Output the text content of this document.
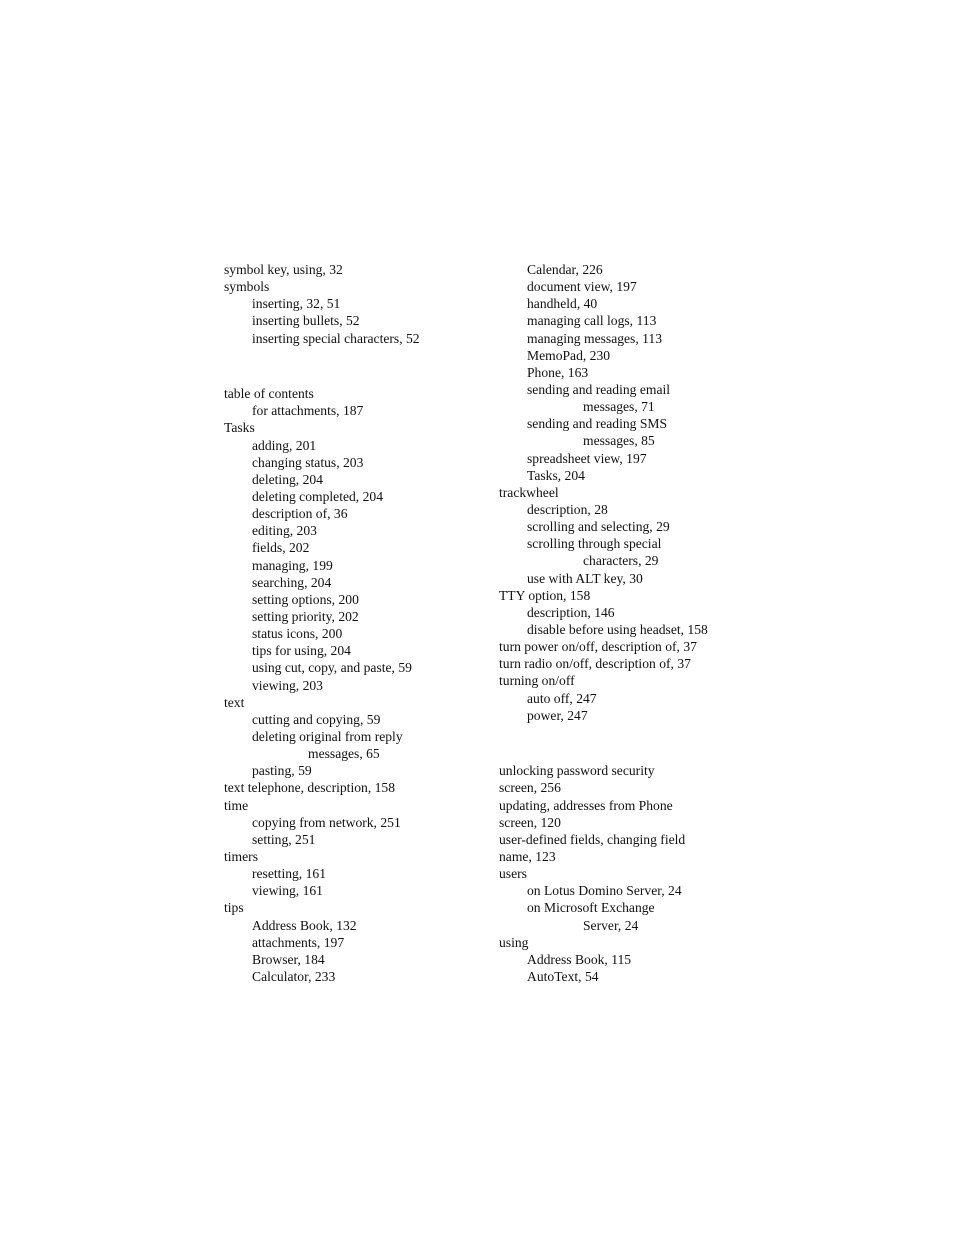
symbol key, using, 32
symbols
inserting, 32, 51
inserting bullets, 52
inserting special characters, 52
table of contents
for attachments, 187
Tasks
adding, 201
changing status, 203
deleting, 204
deleting completed, 204
description of, 36
editing, 203
fields, 202
managing, 199
searching, 204
setting options, 200
setting priority, 202
status icons, 200
tips for using, 204
using cut, copy, and paste, 59
viewing, 203
text
cutting and copying, 59
deleting original from reply
messages, 65
pasting, 59
text telephone, description, 158
time
copying from network, 251
setting, 251
timers
resetting, 161
viewing, 161
tips
Address Book, 132
attachments, 197
Browser, 184
Calculator, 233
Calendar, 226
document view, 197
handheld, 40
managing call logs, 113
managing messages, 113
MemoPad, 230
Phone, 163
sending and reading email
messages, 71
sending and reading SMS
messages, 85
spreadsheet view, 197
Tasks, 204
trackwheel
description, 28
scrolling and selecting, 29
scrolling through special
characters, 29
use with ALT key, 30
TTY option, 158
description, 146
disable before using headset, 158
turn power on/off, description of, 37
turn radio on/off, description of, 37
turning on/off
auto off, 247
power, 247
unlocking password security
screen, 256
updating, addresses from Phone
screen, 120
user-defined fields, changing field
name, 123
users
on Lotus Domino Server, 24
on Microsoft Exchange
Server, 24
using
Address Book, 115
AutoText, 54
